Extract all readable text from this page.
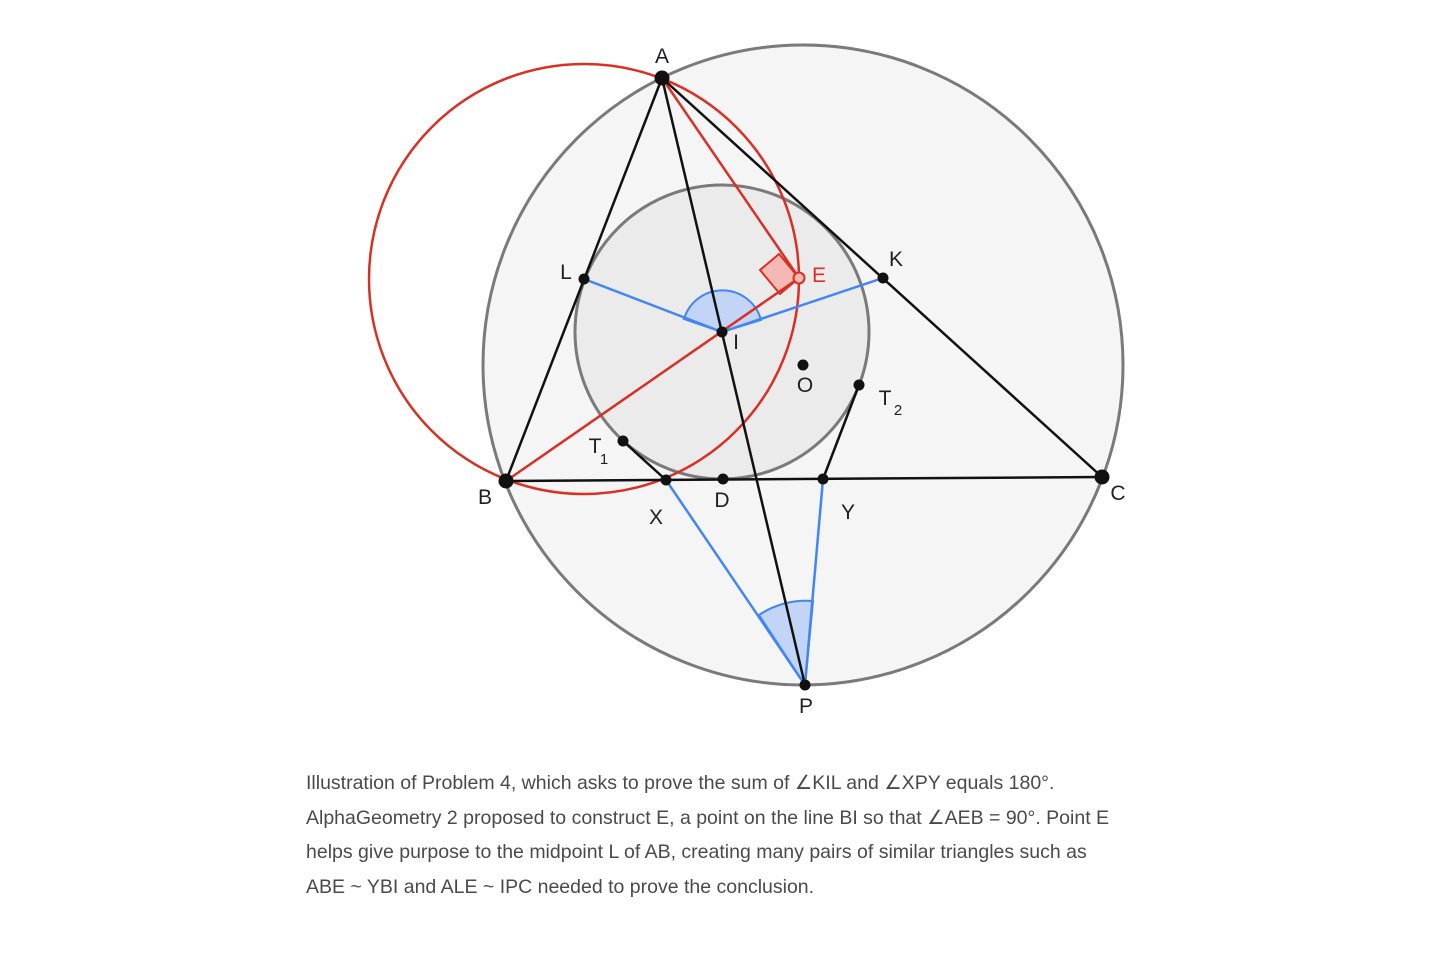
A
B	C
D
E
I
K
L
O
P
X	Y
T
1
T
2

Illustration of Problem 4, which asks to prove the sum of ∠KIL and ∠XPY equals 180°.
AlphaGeometry 2 proposed to construct E, a point on the line BI so that ∠AEB = 90°. Point E
helps give purpose to the midpoint L of AB, creating many pairs of similar triangles such as
ABE ~ YBI and ALE ~ IPC needed to prove the conclusion.
